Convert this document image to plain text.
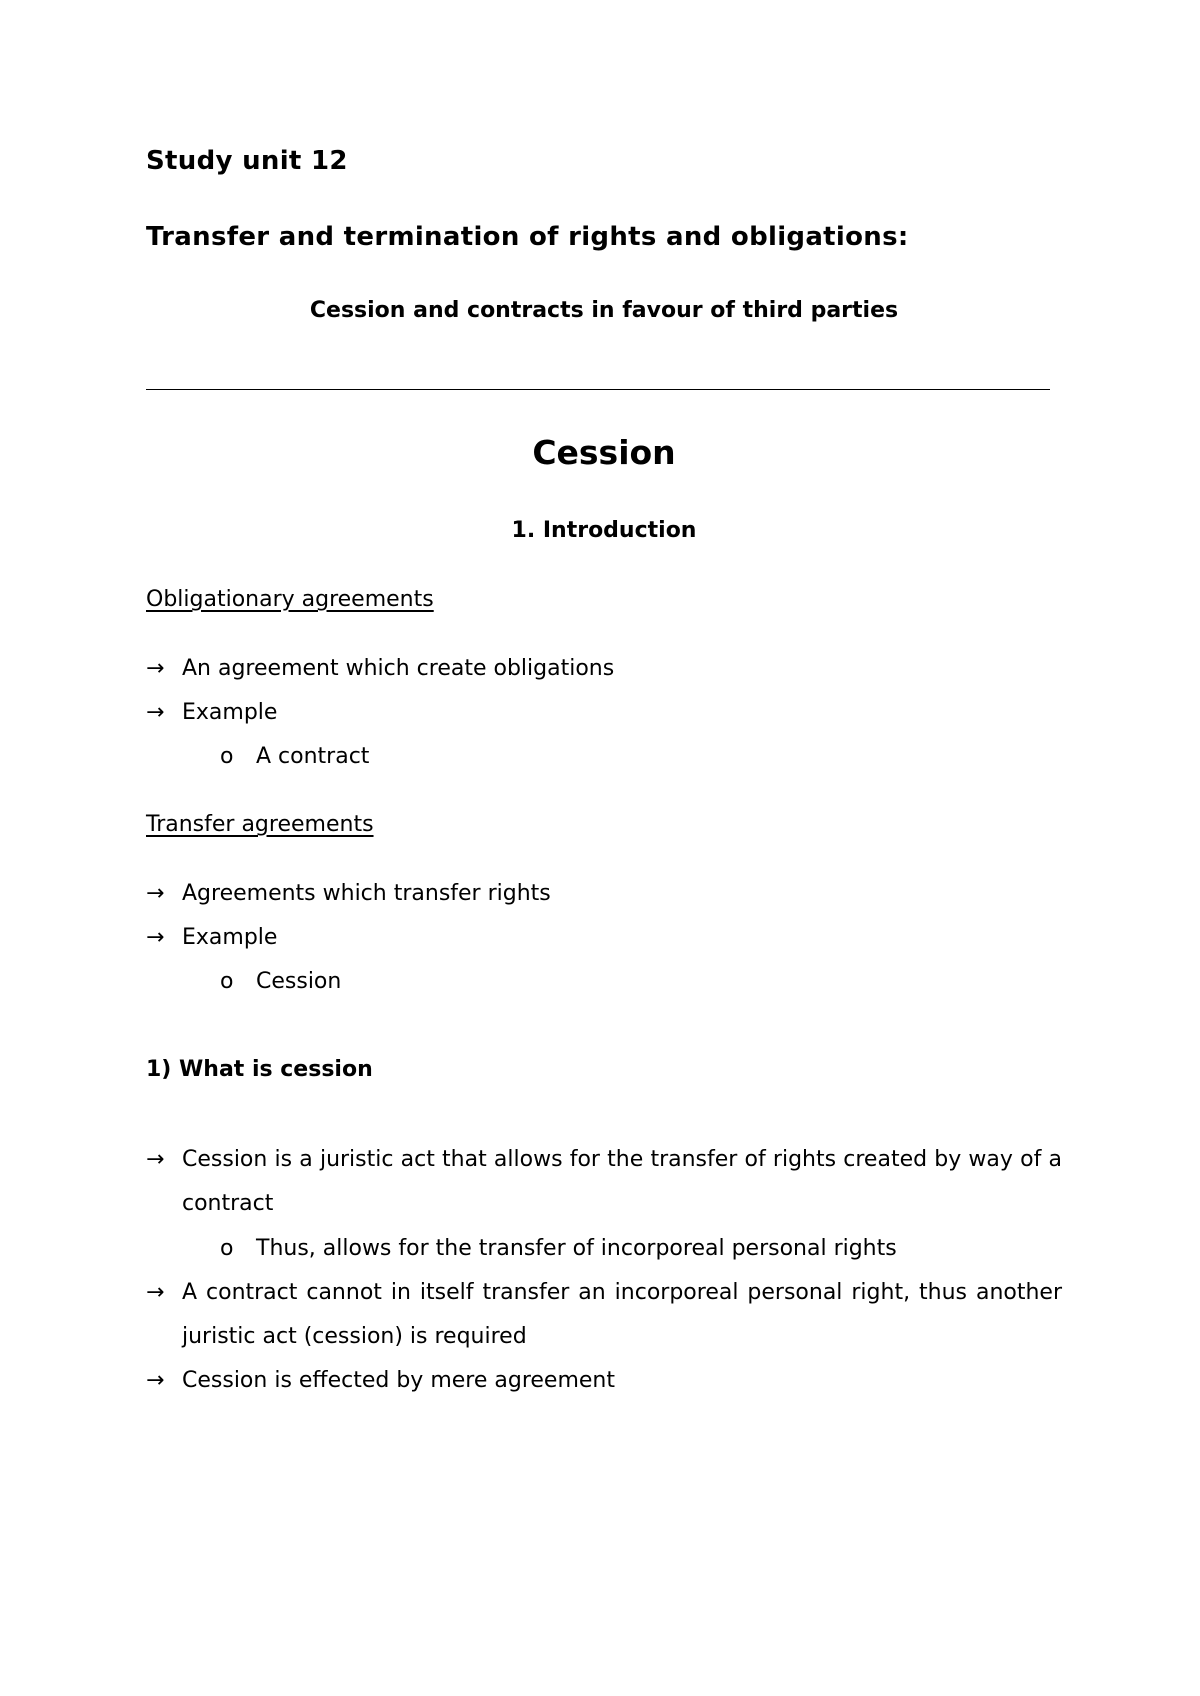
Study unit 12
Transfer and termination of rights and obligations:
Cession and contracts in favour of third parties
Cession
1. Introduction
Obligationary agreements
→ An agreement which create obligations
→ Example
o A contract
Transfer agreements
→ Agreements which transfer rights
→ Example
o Cession
1) What is cession
→ Cession is a juristic act that allows for the transfer of rights created by way of a contract
o Thus, allows for the transfer of incorporeal personal rights
→ A contract cannot in itself transfer an incorporeal personal right, thus another juristic act (cession) is required
→ Cession is effected by mere agreement
